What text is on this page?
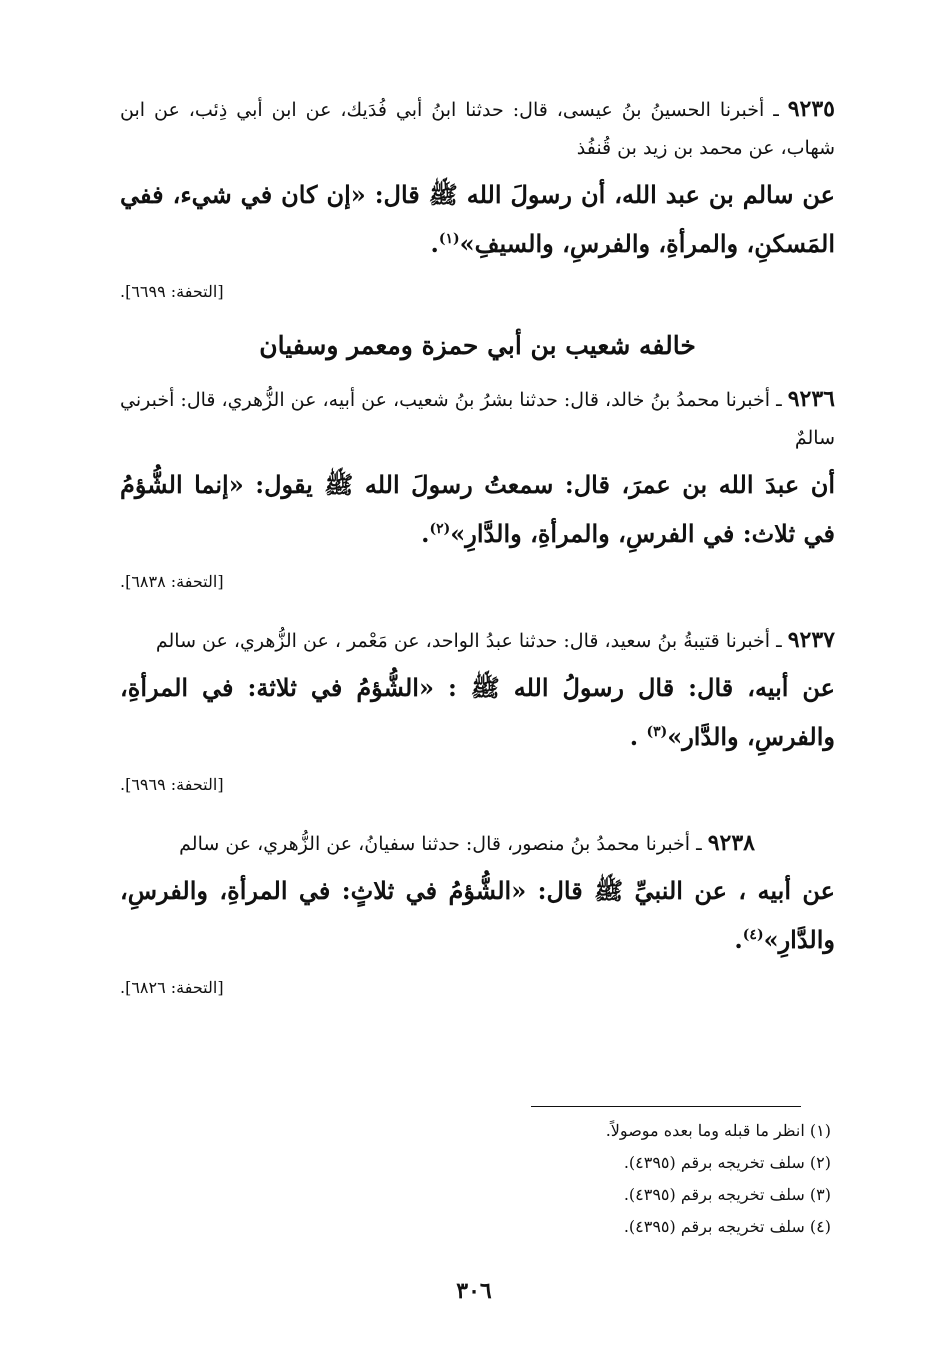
٩٢٣٥ ـ أخبرنا الحسينُ بنُ عيسى، قال: حدثنا ابنُ أبي فُدَيك، عن ابن أبي ذِئب، عن ابن شهاب، عن محمد بن زيد بن قُنفُذ

عن سالم بن عبد الله، أن رسولَ الله ﷺ قال: «إن كان في شيء، ففي المَسكنِ، والمرأةِ، والفرسِ، والسيفِ»$^{(١)}$.

[التحفة: ٦٦٩٩].
خالفه شعيب بن أبي حمزة ومعمر وسفيان

٩٢٣٦ ـ أخبرنا محمدُ بنُ خالد، قال: حدثنا بشرُ بنُ شعيب، عن أبيه، عن الزُّهري، قال: أخبرني سالمٌ

أن عبدَ الله بن عمرَ، قال: سمعتُ رسولَ الله ﷺ يقول: «إنما الشُّؤمُ في ثلاث: في الفرسِ، والمرأةِ، والدَّارِ»$^{(٢)}$.

[التحفة: ٦٨٣٨].

٩٢٣٧ ـ أخبرنا قتيبةُ بنُ سعيد، قال: حدثنا عبدُ الواحد، عن مَعْمر ، عن الزُّهري، عن سالم

عن أبيه، قال: قال رسولُ الله ﷺ : «الشُّؤمُ في ثلاثة: في المرأةِ، والفرسِ، والدَّار»$^{(٣)}$ .

[التحفة: ٦٩٦٩].

٩٢٣٨ ـ أخبرنا محمدُ بنُ منصور، قال: حدثنا سفيانُ، عن الزُّهري، عن سالم

عن أبيه ، عن النبيِّ ﷺ قال: «الشُّؤمُ في ثلاثٍ: في المرأةِ، والفرسِ، والدَّارِ»$^{(٤)}$.

[التحفة: ٦٨٢٦].
(١) انظر ما قبله وما بعده موصولاً.
(٢) سلف تخريجه برقم (٤٣٩٥).
(٣) سلف تخريجه برقم (٤٣٩٥).
(٤) سلف تخريجه برقم (٤٣٩٥).
٣٠٦
